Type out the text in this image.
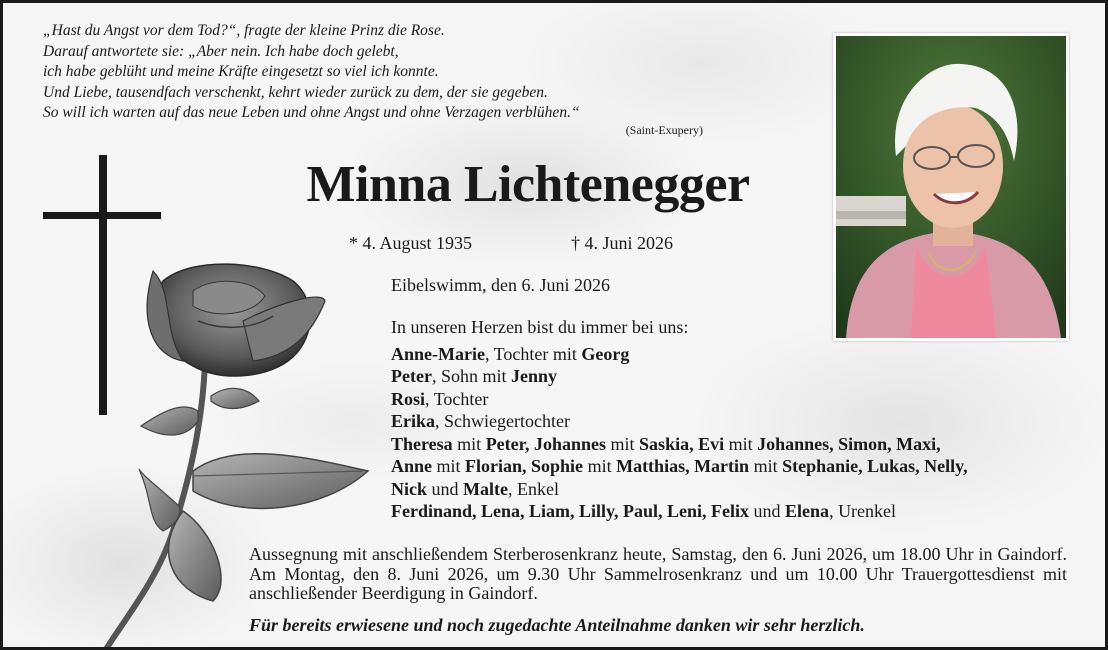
„Hast du Angst vor dem Tod?“, fragte der kleine Prinz die Rose.
Darauf antwortete sie: „Aber nein. Ich habe doch gelebt,
ich habe geblüht und meine Kräfte eingesetzt so viel ich konnte.
Und Liebe, tausendfach verschenkt, kehrt wieder zurück zu dem, der sie gegeben.
So will ich warten auf das neue Leben und ohne Angst und ohne Verzagen verblühen.“
(Saint-Exupery)
Minna Lichtenegger
* 4. August 1935	† 4. Juni 2026
Eibelswimm, den 6. Juni 2026
In unseren Herzen bist du immer bei uns:
Anne-Marie, Tochter mit Georg
Peter, Sohn mit Jenny
Rosi, Tochter
Erika, Schwiegertochter
Theresa mit Peter, Johannes mit Saskia, Evi mit Johannes, Simon, Maxi,
Anne mit Florian, Sophie mit Matthias, Martin mit Stephanie, Lukas, Nelly,
Nick und Malte, Enkel
Ferdinand, Lena, Liam, Lilly, Paul, Leni, Felix und Elena, Urenkel
Aussegnung mit anschließendem Sterberosenkranz heute, Samstag, den 6. Juni 2026, um 18.00 Uhr in Gaindorf. Am Montag, den 8. Juni 2026, um 9.30 Uhr Sammelrosenkranz und um 10.00 Uhr Trauergottesdienst mit anschließender Beerdigung in Gaindorf.
Für bereits erwiesene und noch zugedachte Anteilnahme danken wir sehr herzlich.
